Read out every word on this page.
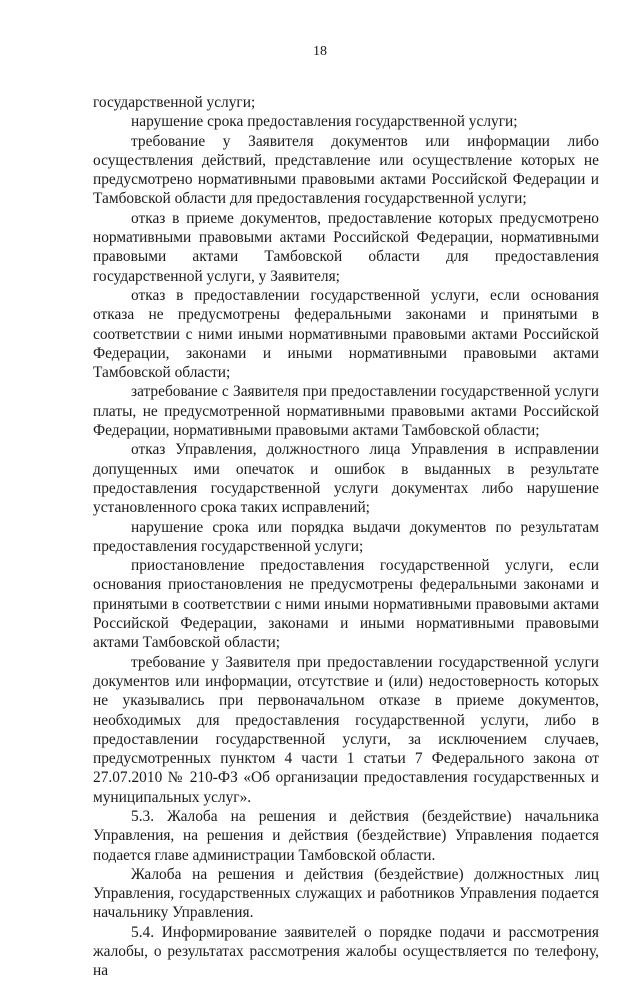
18

государственной услуги;

нарушение срока предоставления государственной услуги;

требование у Заявителя документов или информации либо осуществления действий, представление или осуществление которых не предусмотрено нормативными правовыми актами Российской Федерации и Тамбовской области для предоставления государственной услуги;

отказ в приеме документов, предоставление которых предусмотрено нормативными правовыми актами Российской Федерации, нормативными правовыми актами Тамбовской области для предоставления государственной услуги, у Заявителя;

отказ в предоставлении государственной услуги, если основания отказа не предусмотрены федеральными законами и принятыми в соответствии с ними иными нормативными правовыми актами Российской Федерации, законами и иными нормативными правовыми актами Тамбовской области;

затребование с Заявителя при предоставлении государственной услуги платы, не предусмотренной нормативными правовыми актами Российской Федерации, нормативными правовыми актами Тамбовской области;

отказ Управления, должностного лица Управления в исправлении допущенных ими опечаток и ошибок в выданных в результате предоставления государственной услуги документах либо нарушение установленного срока таких исправлений;

нарушение срока или порядка выдачи документов по результатам предоставления государственной услуги;

приостановление предоставления государственной услуги, если основания приостановления не предусмотрены федеральными законами и принятыми в соответствии с ними иными нормативными правовыми актами Российской Федерации, законами и иными нормативными правовыми актами Тамбовской области;

требование у Заявителя при предоставлении государственной услуги документов или информации, отсутствие и (или) недостоверность которых не указывались при первоначальном отказе в приеме документов, необходимых для предоставления государственной услуги, либо в предоставлении государственной услуги, за исключением случаев, предусмотренных пунктом 4 части 1 статьи 7 Федерального закона от 27.07.2010 № 210-ФЗ «Об организации предоставления государственных и муниципальных услуг».

5.3. Жалоба на решения и действия (бездействие) начальника Управления, на решения и действия (бездействие) Управления подается подается главе администрации Тамбовской области.

Жалоба на решения и действия (бездействие) должностных лиц Управления, государственных служащих и работников Управления подается начальнику Управления.

5.4. Информирование заявителей о порядке подачи и рассмотрения жалобы, о результатах рассмотрения жалобы осуществляется по телефону, на
